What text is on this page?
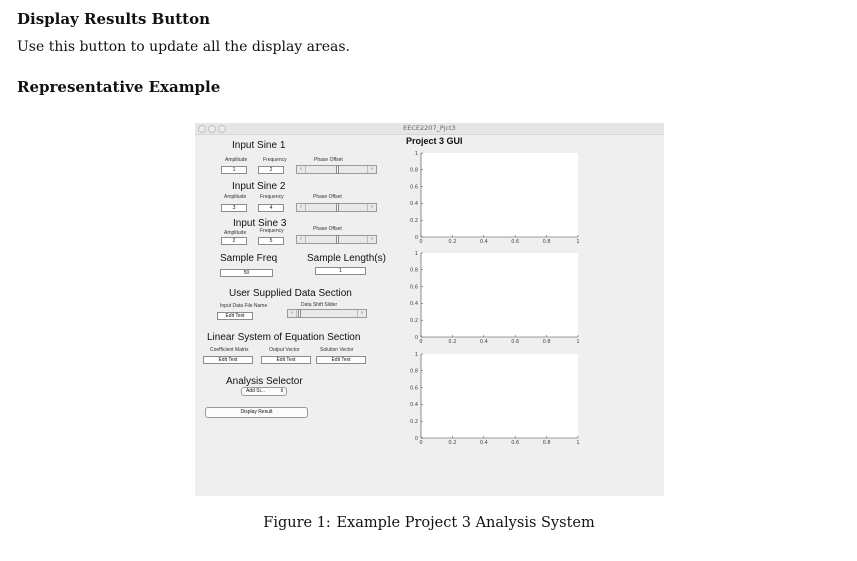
Display Results Button
Use this button to update all the display areas.
Representative Example
EECE2207_Pjct3
Project 3 GUI
Input Sine 1
Amplitude	Frequency	Phase Offset
1	2	‹	›
Input Sine 2
Amplitude	Frequency	Phase Offset
3	4	‹	›
Input Sine 3
Amplitude	Frequency	Phase Offset
2	5	‹	›
Sample Freq	Sample Length(s)
50	1
User Supplied Data Section
Input Data File Name	Data Shift Slider
Edit Text	‹	›
Linear System of Equation Section
Coefficient Matrix	Output Vector	Solution Vector
Edit Text	Edit Text	Edit Text
Analysis Selector
Add Si...	⇕
Display Result
0	0.2	0.4	0.6	0.8	1
0
0.2
0.4
0.6
0.8
1
0	0.2	0.4	0.6	0.8	1
0
0.2
0.4
0.6
0.8
1
0	0.2	0.4	0.6	0.8	1
0
0.2
0.4
0.6
0.8
1
Figure 1: Example Project 3 Analysis System
